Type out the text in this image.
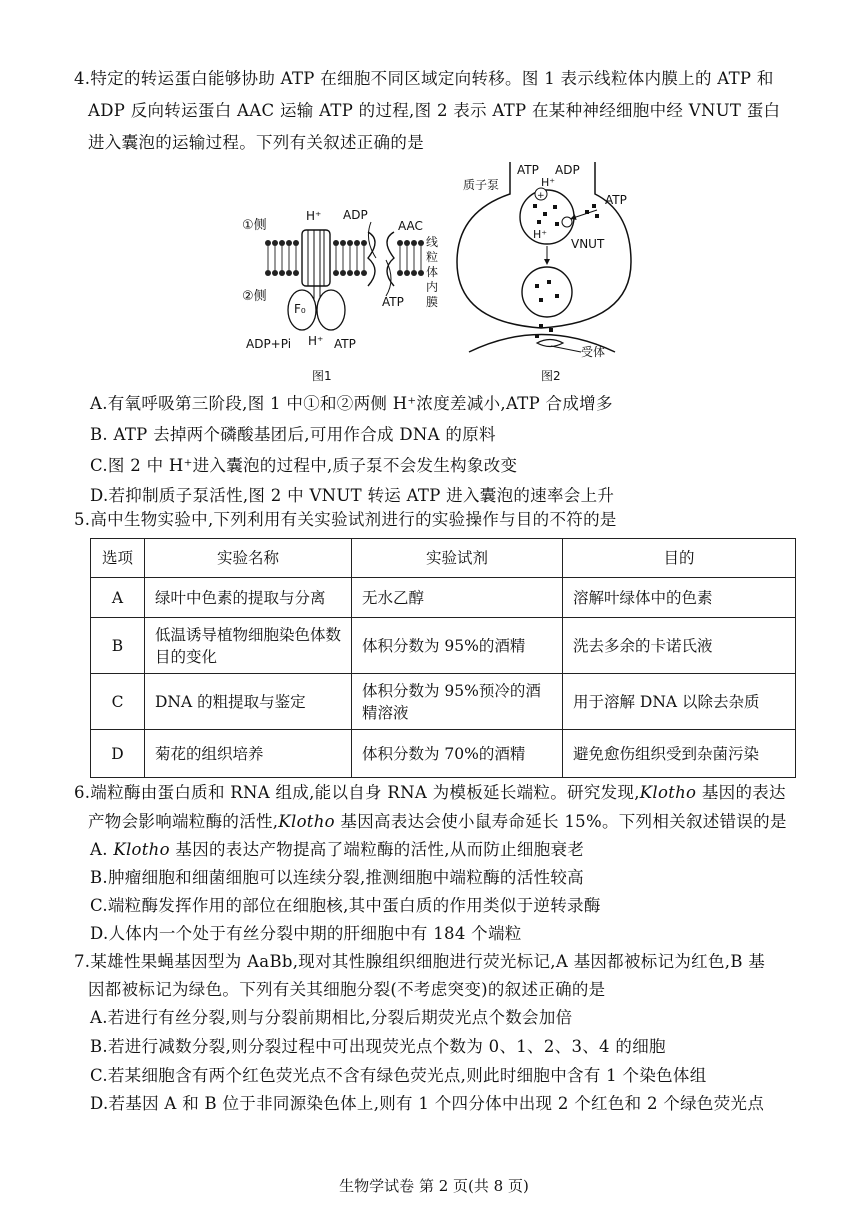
4.特定的转运蛋白能够协助 ATP 在细胞不同区域定向转移。图 1 表示线粒体内膜上的 ATP 和
ADP 反向转运蛋白 AAC 运输 ATP 的过程,图 2 表示 ATP 在某种神经细胞中经 VNUT 蛋白
进入囊泡的运输过程。下列有关叙述正确的是
①侧
②侧
F₀
H⁺ ADP
AAC
ATP
线
粒
体
内
膜
ADP+Pi H⁺ ATP
图1
+
质子泵
ATP ADP
H⁺
ATP
H⁺
VNUT
受体
图2
A.有氧呼吸第三阶段,图 1 中①和②两侧 H⁺浓度差减小,ATP 合成增多
B. ATP 去掉两个磷酸基团后,可用作合成 DNA 的原料
C.图 2 中 H⁺进入囊泡的过程中,质子泵不会发生构象改变
D.若抑制质子泵活性,图 2 中 VNUT 转运 ATP 进入囊泡的速率会上升
5.高中生物实验中,下列利用有关实验试剂进行的实验操作与目的不符的是
选项	实验名称	实验试剂	目的
A	绿叶中色素的提取与分离	无水乙醇	溶解叶绿体中的色素
B	低温诱导植物细胞染色体数目的变化	体积分数为 95%的酒精	洗去多余的卡诺氏液
C	DNA 的粗提取与鉴定	体积分数为 95%预冷的酒精溶液	用于溶解 DNA 以除去杂质
D	菊花的组织培养	体积分数为 70%的酒精	避免愈伤组织受到杂菌污染
6.端粒酶由蛋白质和 RNA 组成,能以自身 RNA 为模板延长端粒。研究发现,Klotho 基因的表达
产物会影响端粒酶的活性,Klotho 基因高表达会使小鼠寿命延长 15%。下列相关叙述错误的是
A. Klotho 基因的表达产物提高了端粒酶的活性,从而防止细胞衰老
B.肿瘤细胞和细菌细胞可以连续分裂,推测细胞中端粒酶的活性较高
C.端粒酶发挥作用的部位在细胞核,其中蛋白质的作用类似于逆转录酶
D.人体内一个处于有丝分裂中期的肝细胞中有 184 个端粒
7.某雄性果蝇基因型为 AaBb,现对其性腺组织细胞进行荧光标记,A 基因都被标记为红色,B 基
因都被标记为绿色。下列有关其细胞分裂(不考虑突变)的叙述正确的是
A.若进行有丝分裂,则与分裂前期相比,分裂后期荧光点个数会加倍
B.若进行减数分裂,则分裂过程中可出现荧光点个数为 0、1、2、3、4 的细胞
C.若某细胞含有两个红色荧光点不含有绿色荧光点,则此时细胞中含有 1 个染色体组
D.若基因 A 和 B 位于非同源染色体上,则有 1 个四分体中出现 2 个红色和 2 个绿色荧光点
生物学试卷 第 2 页(共 8 页)
